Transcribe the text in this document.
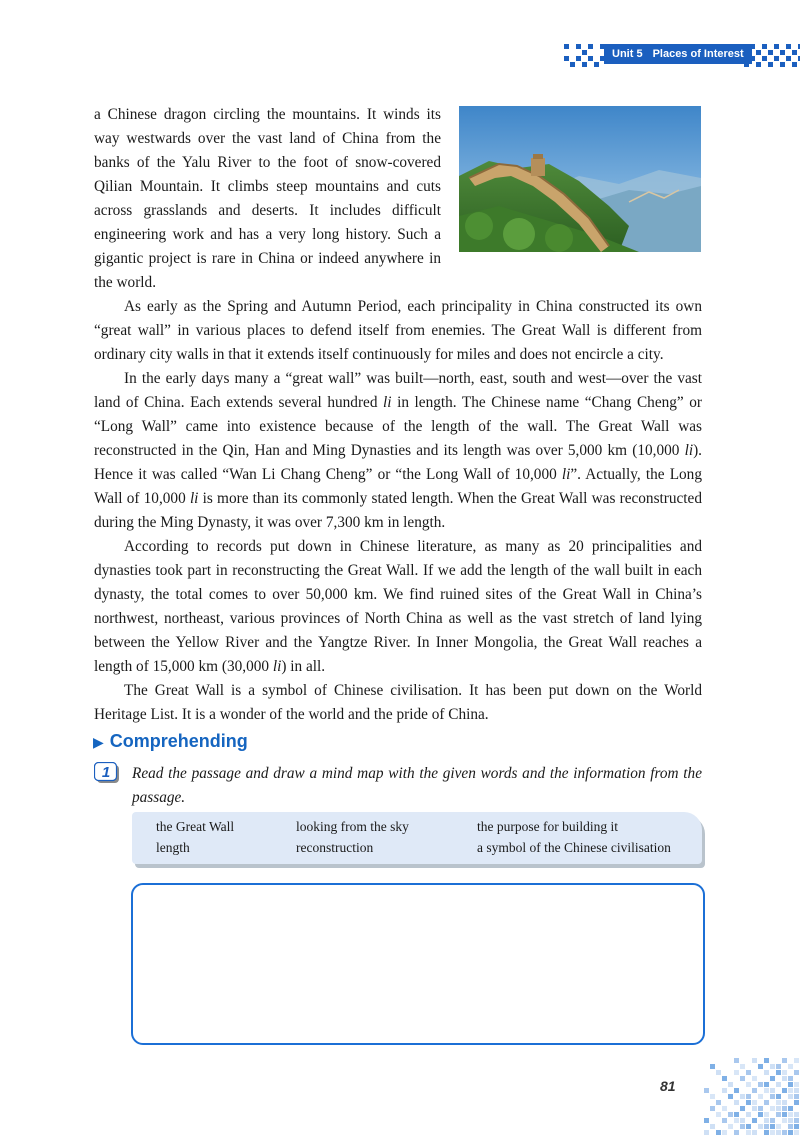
Unit 5 Places of Interest

a Chinese dragon circling the mountains. It winds its way westwards over the vast land of China from the banks of the Yalu River to the foot of snow-covered Qilian Mountain. It climbs steep mountains and cuts across grasslands and deserts. It includes difficult engineering work and has a very long history. Such a gigantic project is rare in China or indeed anywhere in the world.

As early as the Spring and Autumn Period, each principality in China constructed its own “great wall” in various places to defend itself from enemies. The Great Wall is different from ordinary city walls in that it extends itself continuously for miles and does not encircle a city.

In the early days many a “great wall” was built—north, east, south and west—over the vast land of China. Each extends several hundred li in length. The Chinese name “Chang Cheng” or “Long Wall” came into existence because of the length of the wall. The Great Wall was reconstructed in the Qin, Han and Ming Dynasties and its length was over 5,000 km (10,000 li). Hence it was called “Wan Li Chang Cheng” or “the Long Wall of 10,000 li”. Actually, the Long Wall of 10,000 li is more than its commonly stated length. When the Great Wall was reconstructed during the Ming Dynasty, it was over 7,300 km in length.

According to records put down in Chinese literature, as many as 20 principalities and dynasties took part in reconstructing the Great Wall. If we add the length of the wall built in each dynasty, the total comes to over 50,000 km. We find ruined sites of the Great Wall in China’s northwest, northeast, various provinces of North China as well as the vast stretch of land lying between the Yellow River and the Yangtze River. In Inner Mongolia, the Great Wall reaches a length of 15,000 km (30,000 li) in all.

The Great Wall is a symbol of Chinese civilisation. It has been put down on the World Heritage List. It is a wonder of the world and the pride of China.

▶ Comprehending
1	Read the passage and draw a mind map with the given words and the information from the passage.
the Great Wall	looking from the sky	the purpose for building it
length	reconstruction	a symbol of the Chinese civilisation
81
